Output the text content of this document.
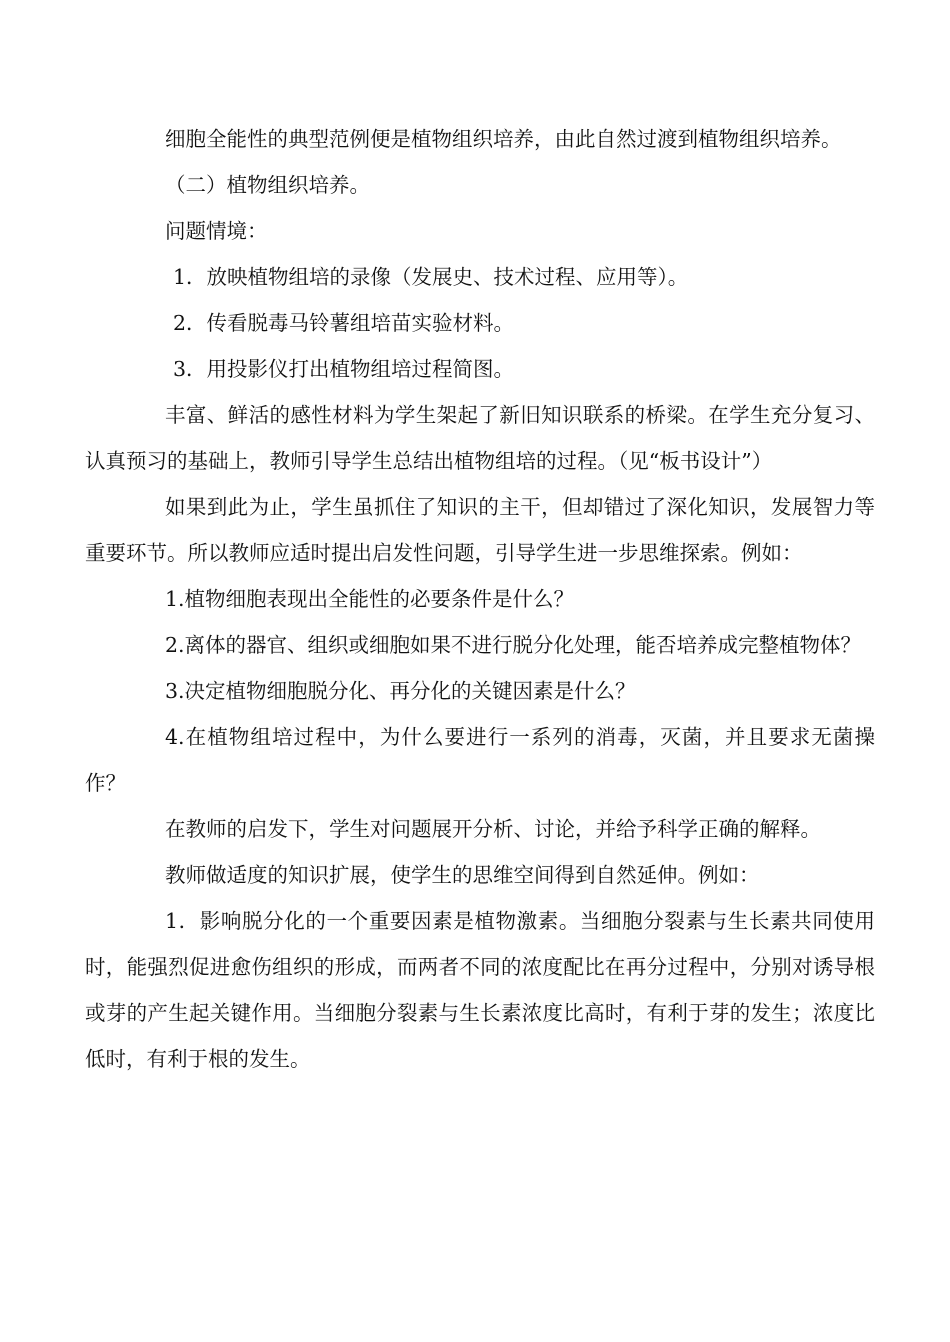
细胞全能性的典型范例便是植物组织培养，由此自然过渡到植物组织培养。

（二）植物组织培养。

问题情境：

1．放映植物组培的录像（发展史、技术过程、应用等）。

2．传看脱毒马铃薯组培苗实验材料。

3．用投影仪打出植物组培过程简图。

丰富、鲜活的感性材料为学生架起了新旧知识联系的桥梁。在学生充分复习、认真预习的基础上，教师引导学生总结出植物组培的过程。（见“板书设计”）

如果到此为止，学生虽抓住了知识的主干，但却错过了深化知识，发展智力等重要环节。所以教师应适时提出启发性问题，引导学生进一步思维探索。例如：

1.植物细胞表现出全能性的必要条件是什么？

2.离体的器官、组织或细胞如果不进行脱分化处理，能否培养成完整植物体？

3.决定植物细胞脱分化、再分化的关键因素是什么？

4.在植物组培过程中，为什么要进行一系列的消毒，灭菌，并且要求无菌操作？

在教师的启发下，学生对问题展开分析、讨论，并给予科学正确的解释。

教师做适度的知识扩展，使学生的思维空间得到自然延伸。例如：

1．影响脱分化的一个重要因素是植物激素。当细胞分裂素与生长素共同使用时，能强烈促进愈伤组织的形成，而两者不同的浓度配比在再分过程中，分别对诱导根或芽的产生起关键作用。当细胞分裂素与生长素浓度比高时，有利于芽的发生；浓度比低时，有利于根的发生。
